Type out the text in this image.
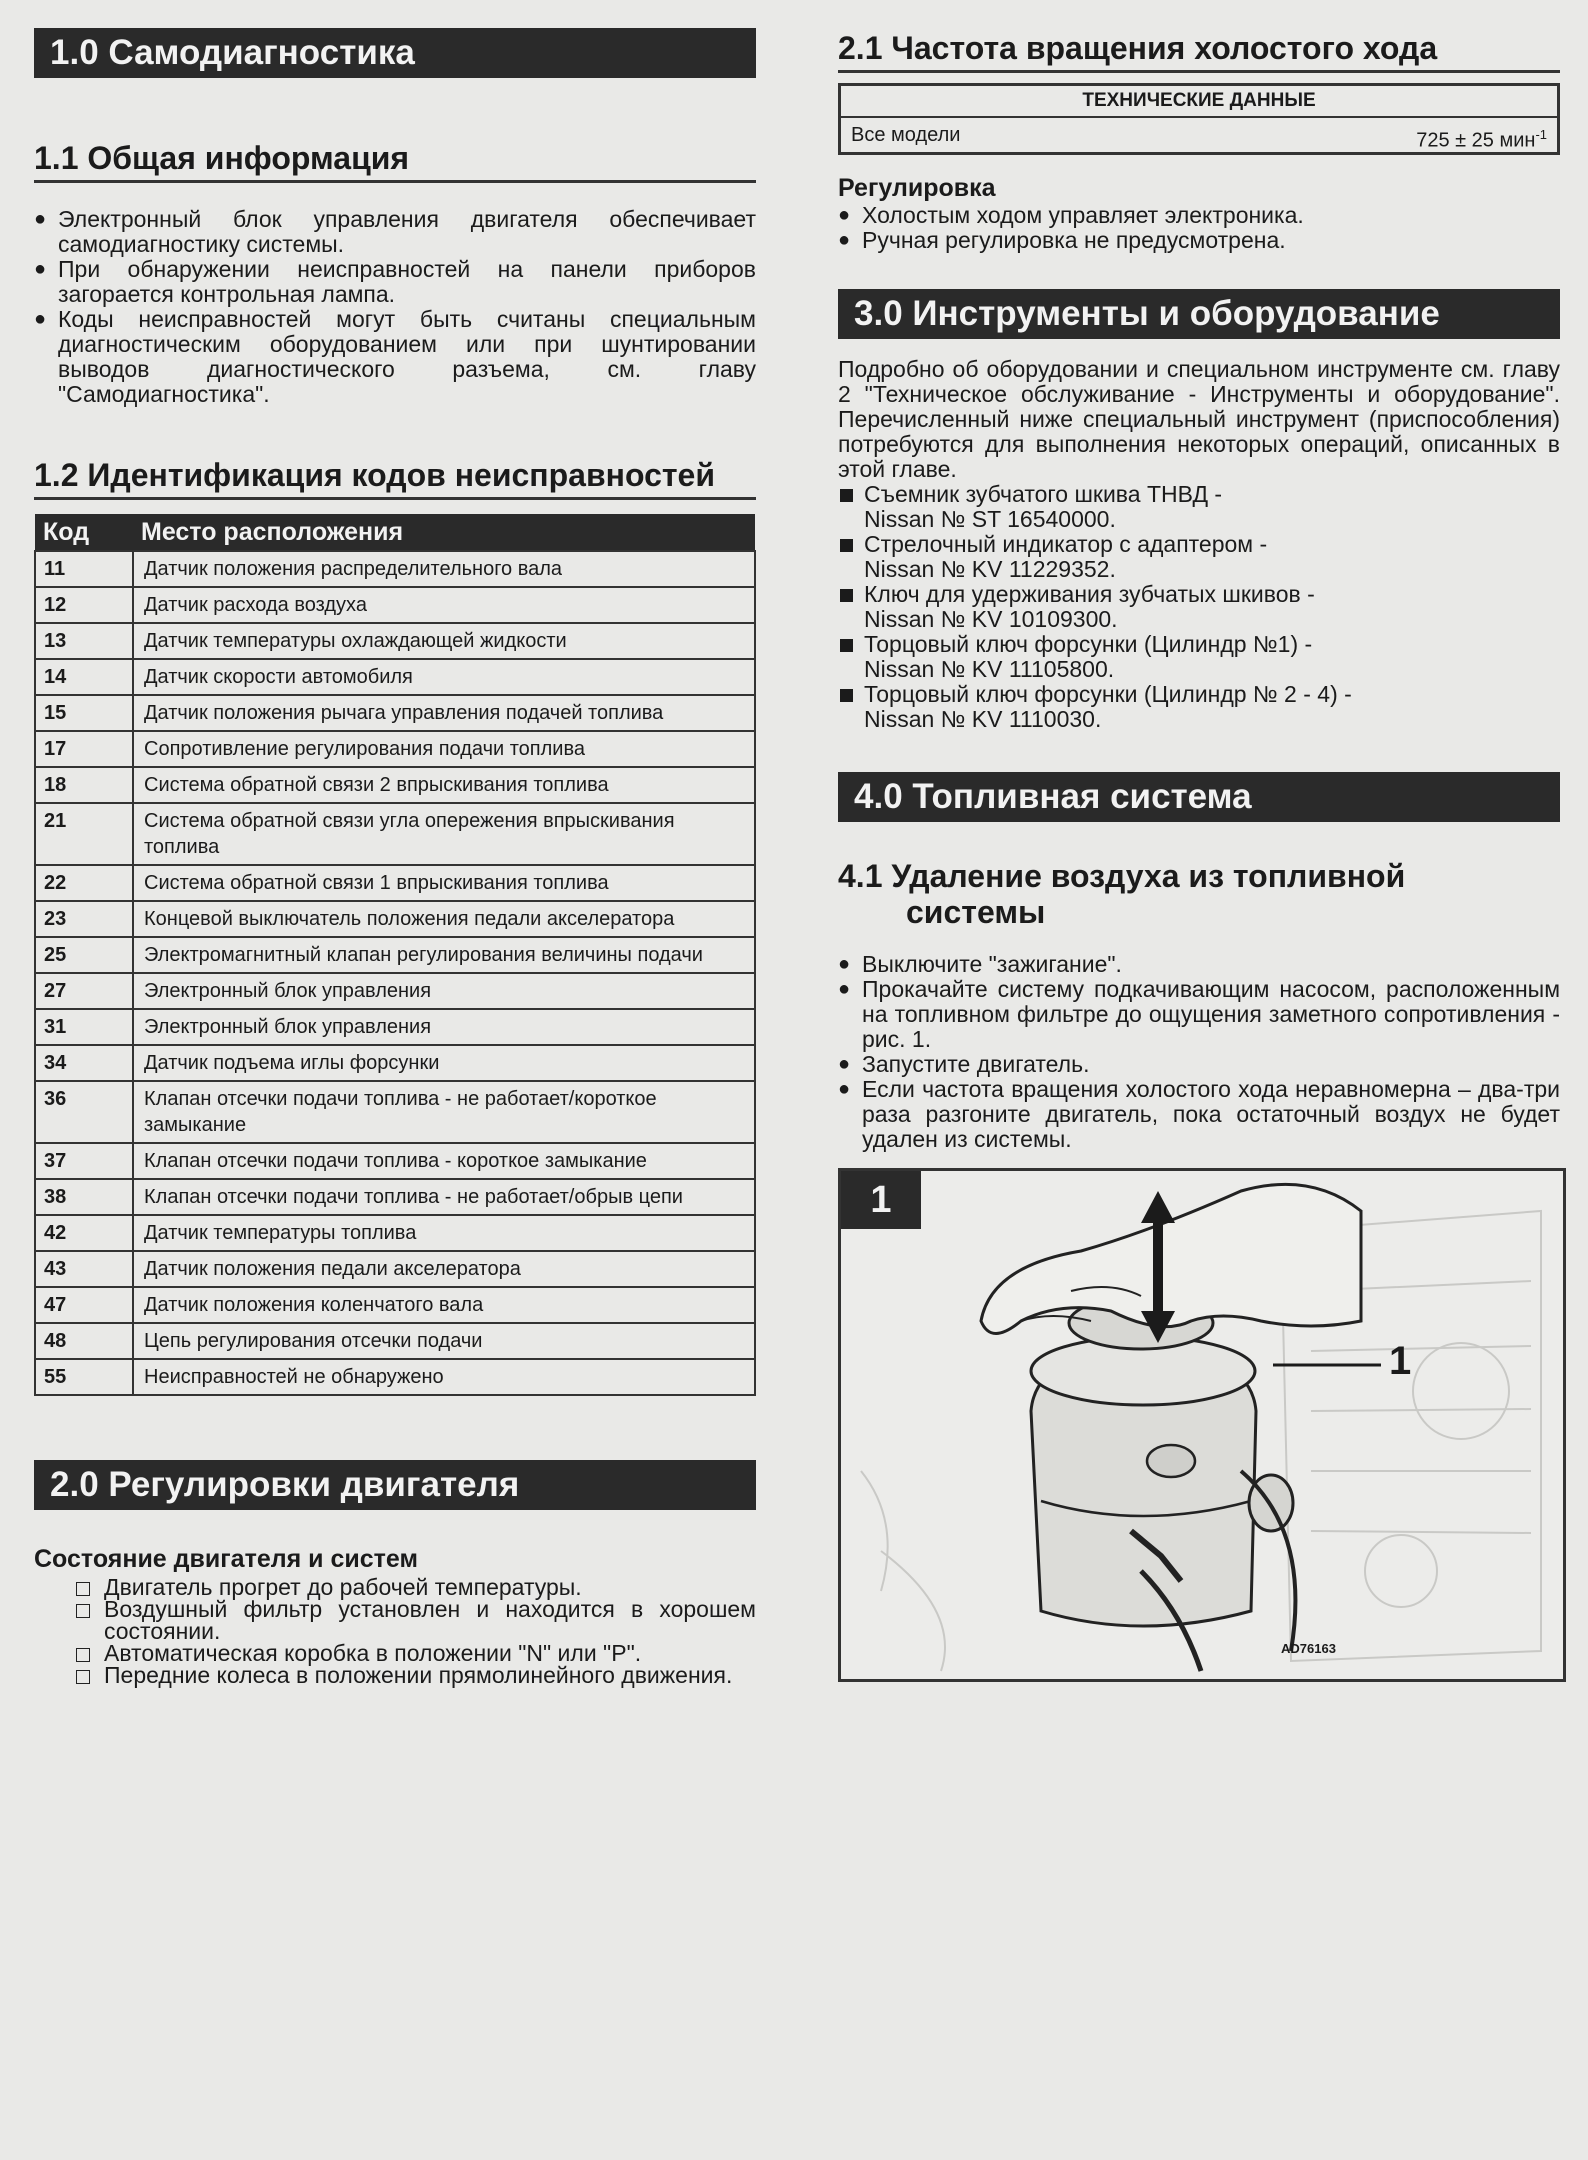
1.0 Самодиагностика
1.1 Общая информация
● Электронный блок управления двигателя обеспечивает самодиагностику системы.
● При обнаружении неисправностей на панели приборов загорается контрольная лампа.
● Коды неисправностей могут быть считаны специальным диагностическим оборудованием или при шунтировании выводов диагностического разъема, см. главу "Самодиагностика".
1.2 Идентификация кодов неисправностей
Код	Место расположения
11	Датчик положения распределительного вала
12	Датчик расхода воздуха
13	Датчик температуры охлаждающей жидкости
14	Датчик скорости автомобиля
15	Датчик положения рычага управления подачей топлива
17	Сопротивление регулирования подачи топлива
18	Система обратной связи 2 впрыскивания топлива
21	Система обратной связи угла опережения впрыскивания топлива
22	Система обратной связи 1 впрыскивания топлива
23	Концевой выключатель положения педали акселератора
25	Электромагнитный клапан регулирования величины подачи
27	Электронный блок управления
31	Электронный блок управления
34	Датчик подъема иглы форсунки
36	Клапан отсечки подачи топлива - не работает/короткое замыкание
37	Клапан отсечки подачи топлива - короткое замыкание
38	Клапан отсечки подачи топлива - не работает/обрыв цепи
42	Датчик температуры топлива
43	Датчик положения педали акселератора
47	Датчик положения коленчатого вала
48	Цепь регулирования отсечки подачи
55	Неисправностей не обнаружено
2.0 Регулировки двигателя
Состояние двигателя и систем
Двигатель прогрет до рабочей температуры.
Воздушный фильтр установлен и находится в хорошем состоянии.
Автоматическая коробка в положении "N" или "P".
Передние колеса в положении прямолинейного движения.
2.1 Частота вращения холостого хода
ТЕХНИЧЕСКИЕ ДАННЫЕ
Все модели	725 ± 25 мин$^{-1}$
Регулировка
● Холостым ходом управляет электроника.
● Ручная регулировка не предусмотрена.
3.0 Инструменты и оборудование
Подробно об оборудовании и специальном инструменте см. главу 2 "Техническое обслуживание - Инструменты и оборудование". Перечисленный ниже специальный инструмент (приспособления) потребуются для выполнения некоторых операций, описанных в этой главе.
Съемник зубчатого шкива ТНВД -
Nissan № ST 16540000.
Стрелочный индикатор с адаптером -
Nissan № KV 11229352.
Ключ для удерживания зубчатых шкивов -
Nissan № KV 10109300.
Торцовый ключ форсунки (Цилиндр №1) -
Nissan № KV 11105800.
Торцовый ключ форсунки (Цилиндр № 2 - 4) -
Nissan № KV 1110030.
4.0 Топливная система
4.1 Удаление воздуха из топливной
системы
● Выключите "зажигание".
● Прокачайте систему подкачивающим насосом, расположенным на топливном фильтре до ощущения заметного сопротивления - рис. 1.
● Запустите двигатель.
● Если частота вращения холостого хода неравномерна – два-три раза разгоните двигатель, пока остаточный воздух не будет удален из системы.
1
1
AD76163
